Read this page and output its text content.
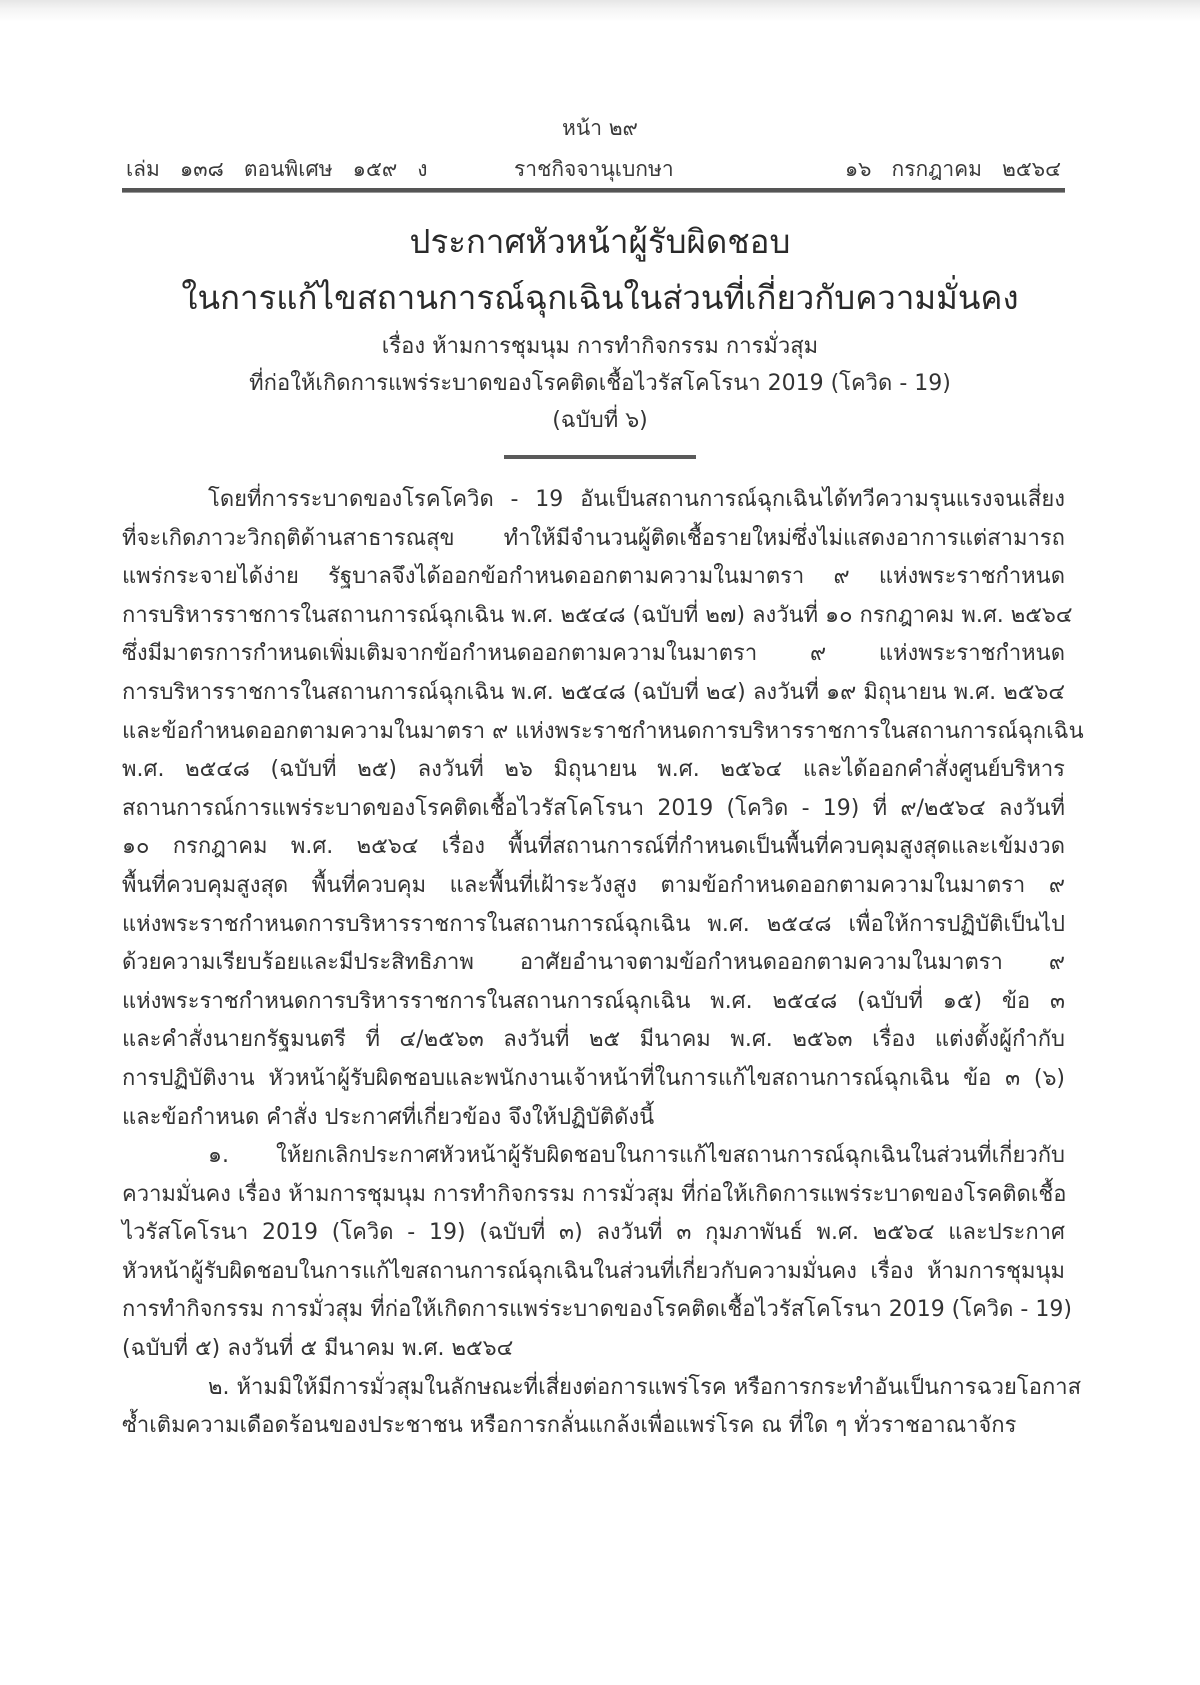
หน้า ๒๙
เล่ม   ๑๓๘   ตอนพิเศษ   ๑๕๙   ง	ราชกิจจานุเบกษา	๑๖   กรกฎาคม   ๒๕๖๔
ประกาศหัวหน้าผู้รับผิดชอบ
ในการแก้ไขสถานการณ์ฉุกเฉินในส่วนที่เกี่ยวกับความมั่นคง
เรื่อง ห้ามการชุมนุม การทำกิจกรรม การมั่วสุม
ที่ก่อให้เกิดการแพร่ระบาดของโรคติดเชื้อไวรัสโคโรนา 2019 (โควิด - 19)
(ฉบับที่ ๖)
โดยที่การระบาดของโรคโควิด - 19 อันเป็นสถานการณ์ฉุกเฉินได้ทวีความรุนแรงจนเสี่ยง
ที่จะเกิดภาวะวิกฤติด้านสาธารณสุข ทำให้มีจำนวนผู้ติดเชื้อรายใหม่ซึ่งไม่แสดงอาการแต่สามารถ
แพร่กระจายได้ง่าย รัฐบาลจึงได้ออกข้อกำหนดออกตามความในมาตรา ๙ แห่งพระราชกำหนด
การบริหารราชการในสถานการณ์ฉุกเฉิน พ.ศ. ๒๕๔๘ (ฉบับที่ ๒๗) ลงวันที่ ๑๐ กรกฎาคม พ.ศ. ๒๕๖๔
ซึ่งมีมาตรการกำหนดเพิ่มเติมจากข้อกำหนดออกตามความในมาตรา ๙ แห่งพระราชกำหนด
การบริหารราชการในสถานการณ์ฉุกเฉิน พ.ศ. ๒๕๔๘ (ฉบับที่ ๒๔) ลงวันที่ ๑๙ มิถุนายน พ.ศ. ๒๕๖๔
และข้อกำหนดออกตามความในมาตรา ๙ แห่งพระราชกำหนดการบริหารราชการในสถานการณ์ฉุกเฉิน
พ.ศ. ๒๕๔๘ (ฉบับที่ ๒๕) ลงวันที่ ๒๖ มิถุนายน พ.ศ. ๒๕๖๔ และได้ออกคำสั่งศูนย์บริหาร
สถานการณ์การแพร่ระบาดของโรคติดเชื้อไวรัสโคโรนา 2019 (โควิด - 19) ที่ ๙/๒๕๖๔ ลงวันที่
๑๐ กรกฎาคม พ.ศ. ๒๕๖๔ เรื่อง พื้นที่สถานการณ์ที่กำหนดเป็นพื้นที่ควบคุมสูงสุดและเข้มงวด
พื้นที่ควบคุมสูงสุด พื้นที่ควบคุม และพื้นที่เฝ้าระวังสูง ตามข้อกำหนดออกตามความในมาตรา ๙
แห่งพระราชกำหนดการบริหารราชการในสถานการณ์ฉุกเฉิน พ.ศ. ๒๕๔๘ เพื่อให้การปฏิบัติเป็นไป
ด้วยความเรียบร้อยและมีประสิทธิภาพ อาศัยอำนาจตามข้อกำหนดออกตามความในมาตรา ๙
แห่งพระราชกำหนดการบริหารราชการในสถานการณ์ฉุกเฉิน พ.ศ. ๒๕๔๘ (ฉบับที่ ๑๕) ข้อ ๓
และคำสั่งนายกรัฐมนตรี ที่ ๔/๒๕๖๓ ลงวันที่ ๒๕ มีนาคม พ.ศ. ๒๕๖๓ เรื่อง แต่งตั้งผู้กำกับ
การปฏิบัติงาน หัวหน้าผู้รับผิดชอบและพนักงานเจ้าหน้าที่ในการแก้ไขสถานการณ์ฉุกเฉิน ข้อ ๓ (๖)
และข้อกำหนด คำสั่ง ประกาศที่เกี่ยวข้อง จึงให้ปฏิบัติดังนี้
๑. ให้ยกเลิกประกาศหัวหน้าผู้รับผิดชอบในการแก้ไขสถานการณ์ฉุกเฉินในส่วนที่เกี่ยวกับ
ความมั่นคง เรื่อง ห้ามการชุมนุม การทำกิจกรรม การมั่วสุม ที่ก่อให้เกิดการแพร่ระบาดของโรคติดเชื้อ
ไวรัสโคโรนา 2019 (โควิด - 19) (ฉบับที่ ๓) ลงวันที่ ๓ กุมภาพันธ์ พ.ศ. ๒๕๖๔ และประกาศ
หัวหน้าผู้รับผิดชอบในการแก้ไขสถานการณ์ฉุกเฉินในส่วนที่เกี่ยวกับความมั่นคง เรื่อง ห้ามการชุมนุม
การทำกิจกรรม การมั่วสุม ที่ก่อให้เกิดการแพร่ระบาดของโรคติดเชื้อไวรัสโคโรนา 2019 (โควิด - 19)
(ฉบับที่ ๕) ลงวันที่ ๕ มีนาคม พ.ศ. ๒๕๖๔
๒. ห้ามมิให้มีการมั่วสุมในลักษณะที่เสี่ยงต่อการแพร่โรค หรือการกระทำอันเป็นการฉวยโอกาส
ซ้ำเติมความเดือดร้อนของประชาชน หรือการกลั่นแกล้งเพื่อแพร่โรค ณ ที่ใด ๆ ทั่วราชอาณาจักร
